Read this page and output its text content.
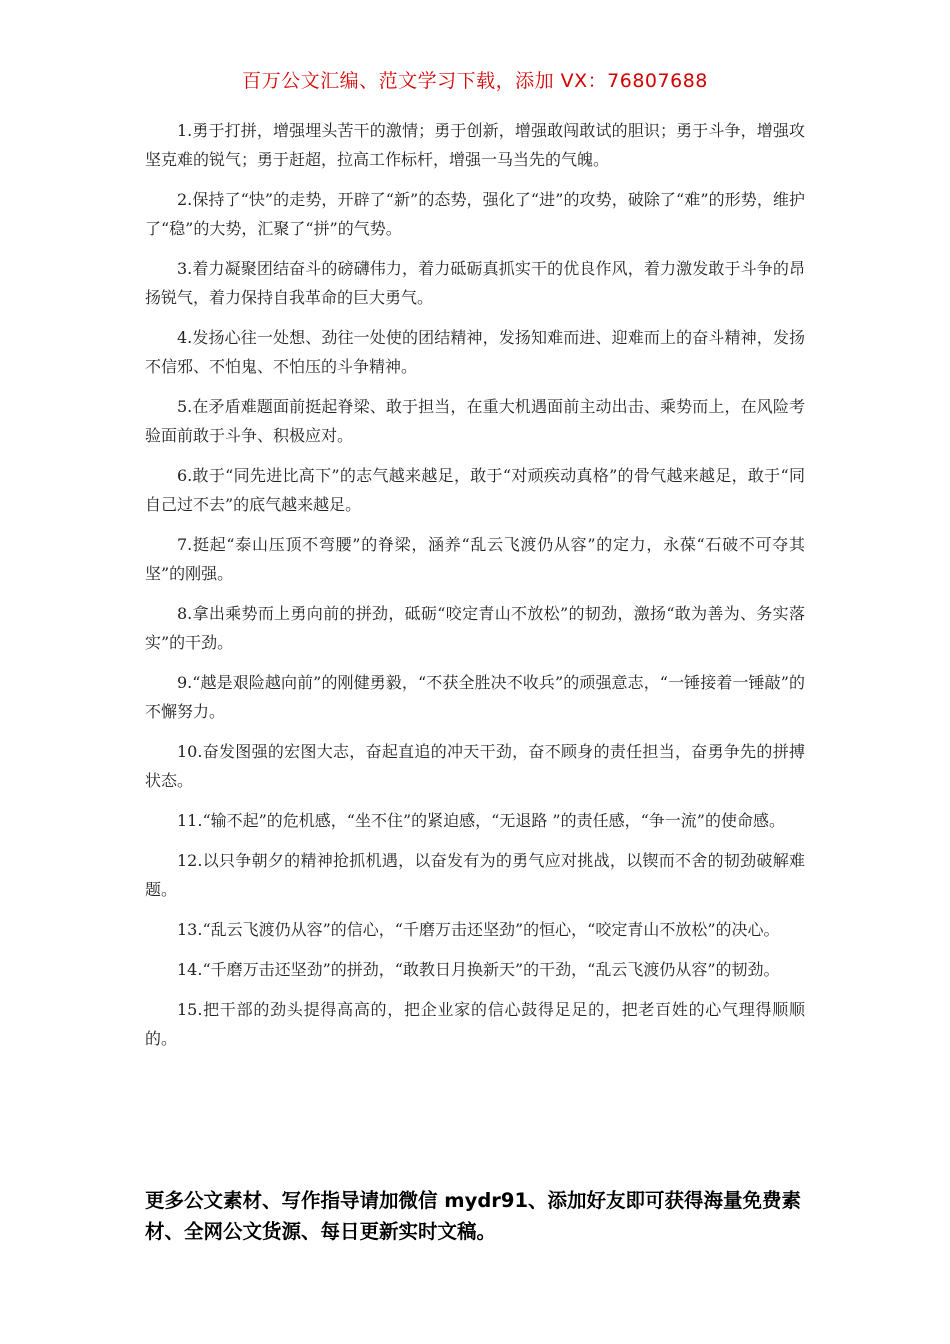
百万公文汇编、范文学习下载，添加 VX：76807688

1.勇于打拼，增强埋头苦干的激情；勇于创新，增强敢闯敢试的胆识；勇于斗争，增强攻坚克难的锐气；勇于赶超，拉高工作标杆，增强一马当先的气魄。

2.保持了“快”的走势，开辟了“新”的态势，强化了“进”的攻势，破除了“难”的形势，维护了“稳”的大势，汇聚了“拼”的气势。

3.着力凝聚团结奋斗的磅礴伟力，着力砥砺真抓实干的优良作风，着力激发敢于斗争的昂扬锐气，着力保持自我革命的巨大勇气。

4.发扬心往一处想、劲往一处使的团结精神，发扬知难而进、迎难而上的奋斗精神，发扬不信邪、不怕鬼、不怕压的斗争精神。

5.在矛盾难题面前挺起脊梁、敢于担当，在重大机遇面前主动出击、乘势而上，在风险考验面前敢于斗争、积极应对。

6.敢于“同先进比高下”的志气越来越足，敢于“对顽疾动真格”的骨气越来越足，敢于“同自己过不去”的底气越来越足。

7.挺起“泰山压顶不弯腰”的脊梁，涵养“乱云飞渡仍从容”的定力，永葆“石破不可夺其坚”的刚强。

8.拿出乘势而上勇向前的拼劲，砥砺“咬定青山不放松”的韧劲，激扬“敢为善为、务实落实”的干劲。

9.“越是艰险越向前”的刚健勇毅，“不获全胜决不收兵”的顽强意志，“一锤接着一锤敲”的不懈努力。

10.奋发图强的宏图大志，奋起直追的冲天干劲，奋不顾身的责任担当，奋勇争先的拼搏状态。

11.“输不起”的危机感，“坐不住”的紧迫感，“无退路 ”的责任感，“争一流”的使命感。

12.以只争朝夕的精神抢抓机遇，以奋发有为的勇气应对挑战，以锲而不舍的韧劲破解难题。

13.“乱云飞渡仍从容”的信心，“千磨万击还坚劲”的恒心，“咬定青山不放松”的决心。

14.“千磨万击还坚劲”的拼劲，“敢教日月换新天”的干劲，“乱云飞渡仍从容”的韧劲。

15.把干部的劲头提得高高的，把企业家的信心鼓得足足的，把老百姓的心气理得顺顺的。

更多公文素材、写作指导请加微信 mydr91、添加好友即可获得海量免费素材、全网公文货源、每日更新实时文稿。
